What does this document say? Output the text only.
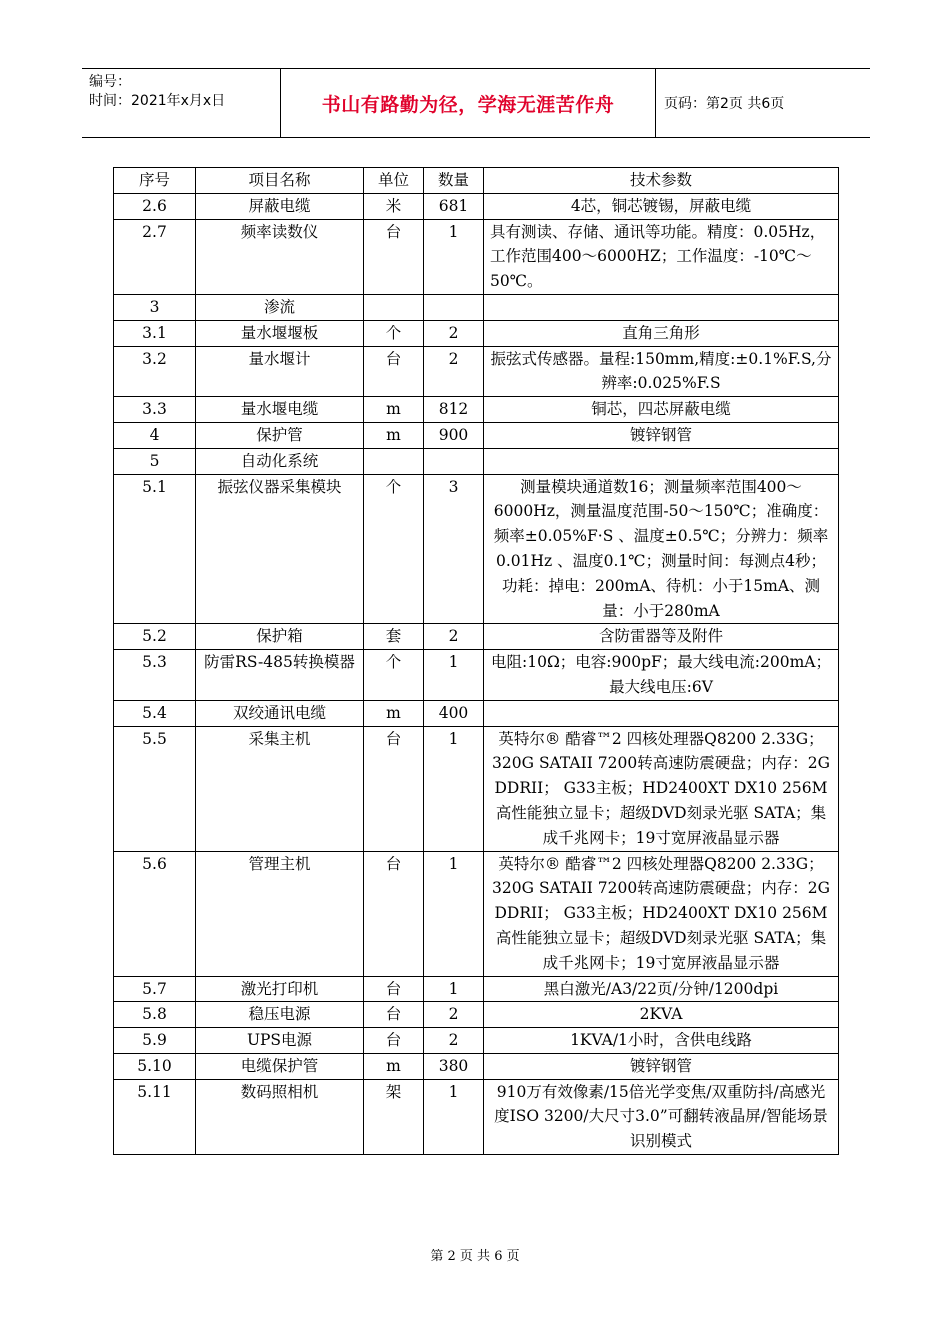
编号：
时间：2021年x月x日	书山有路勤为径，学海无涯苦作舟	页码：第2页 共6页
序号	项目名称	单位	数量	技术参数
2.6	屏蔽电缆	米	681	4芯，铜芯镀锡，屏蔽电缆
2.7	频率读数仪	台	1	具有测读、存储、通讯等功能。精度：0.05Hz，工作范围400～6000HZ；工作温度：-10℃～50℃。
3	渗流			
3.1	量水堰堰板	个	2	直角三角形
3.2	量水堰计	台	2	振弦式传感器。量程:150mm,精度:±0.1%F.S,分辨率:0.025%F.S
3.3	量水堰电缆	m	812	铜芯，四芯屏蔽电缆
4	保护管	m	900	镀锌钢管
5	自动化系统			
5.1	振弦仪器采集模块	个	3	测量模块通道数16；测量频率范围400～6000Hz，测量温度范围-50～150℃；准确度：频率±0.05%F·S 、温度±0.5℃；分辨力：频率0.01Hz 、温度0.1℃；测量时间：每测点4秒；功耗：掉电：200mA、待机：小于15mA、测量：小于280mA
5.2	保护箱	套	2	含防雷器等及附件
5.3	防雷RS-485转换模器	个	1	电阻:10Ω；电容:900pF；最大线电流:200mA；最大线电压:6V
5.4	双绞通讯电缆	m	400	
5.5	采集主机	台	1	英特尔® 酷睿™2 四核处理器Q8200 2.33G；320G SATAII 7200转高速防震硬盘；内存：2G DDRII； G33主板；HD2400XT DX10 256M高性能独立显卡；超级DVD刻录光驱 SATA；集成千兆网卡；19寸宽屏液晶显示器
5.6	管理主机	台	1	英特尔® 酷睿™2 四核处理器Q8200 2.33G；320G SATAII 7200转高速防震硬盘；内存：2G DDRII； G33主板；HD2400XT DX10 256M高性能独立显卡；超级DVD刻录光驱 SATA；集成千兆网卡；19寸宽屏液晶显示器
5.7	激光打印机	台	1	黑白激光/A3/22页/分钟/1200dpi
5.8	稳压电源	台	2	2KVA
5.9	UPS电源	台	2	1KVA/1小时，含供电线路
5.10	电缆保护管	m	380	镀锌钢管
5.11	数码照相机	架	1	910万有效像素/15倍光学变焦/双重防抖/高感光度ISO 3200/大尺寸3.0”可翻转液晶屏/智能场景识别模式
第 2 页 共 6 页
